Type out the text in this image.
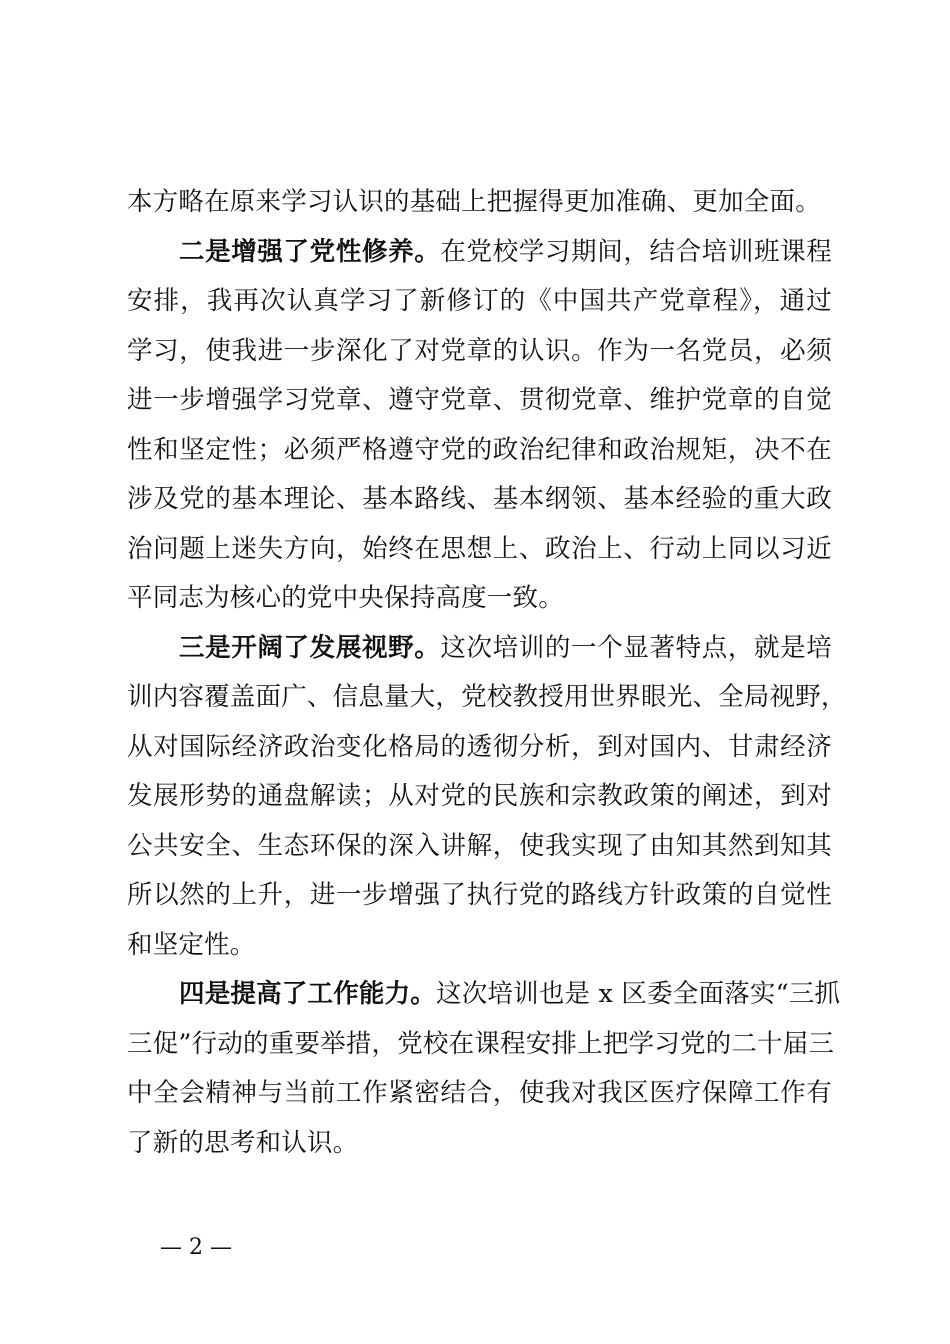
本方略在原来学习认识的基础上把握得更加准确、更加全面。
二是增强了党性修养。在党校学习期间，结合培训班课程
安排，我再次认真学习了新修订的《中国共产党章程》，通过
学习，使我进一步深化了对党章的认识。作为一名党员，必须
进一步增强学习党章、遵守党章、贯彻党章、维护党章的自觉
性和坚定性；必须严格遵守党的政治纪律和政治规矩，决不在
涉及党的基本理论、基本路线、基本纲领、基本经验的重大政
治问题上迷失方向，始终在思想上、政治上、行动上同以习近
平同志为核心的党中央保持高度一致。
三是开阔了发展视野。这次培训的一个显著特点，就是培
训内容覆盖面广、信息量大，党校教授用世界眼光、全局视野，
从对国际经济政治变化格局的透彻分析，到对国内、甘肃经济
发展形势的通盘解读；从对党的民族和宗教政策的阐述，到对
公共安全、生态环保的深入讲解，使我实现了由知其然到知其
所以然的上升，进一步增强了执行党的路线方针政策的自觉性
和坚定性。
四是提高了工作能力。这次培训也是 x 区委全面落实“三抓
三促”行动的重要举措，党校在课程安排上把学习党的二十届三
中全会精神与当前工作紧密结合，使我对我区医疗保障工作有
了新的思考和认识。
— 2 —
